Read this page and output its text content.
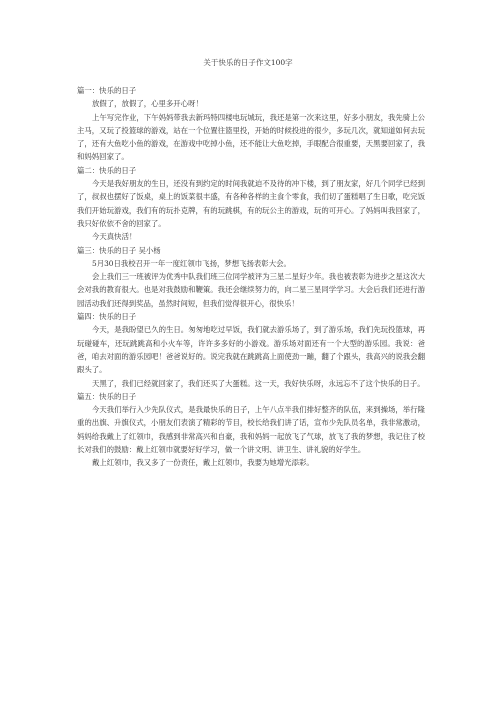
关于快乐的日子作文100字

篇一：快乐的日子

放假了，放假了，心里多开心呀！

上午写完作业，下午妈妈带我去新玛特四楼电玩城玩，我还是第一次来这里，好多小朋友，我先骑上公主马，又玩了投篮球的游戏，站在一个位置往篮里投，开始的时候投进的很少，多玩几次，就知道如何去玩了，还有大鱼吃小鱼的游戏，在游戏中吃掉小鱼，还不能让大鱼吃掉，手眼配合很重要，天黑要回家了，我和妈妈回家了。

篇二：快乐的日子

今天是我好朋友的生日，还没有到约定的时间我就迫不及待的冲下楼，到了朋友家，好几个同学已经到了，叔叔也摆好了饭桌，桌上的饭菜很丰盛，有各种各样的主食个零食，我们切了蛋糕唱了生日歌，吃完饭我们开始玩游戏，我们有的玩扑克牌，有的玩跳棋，有的玩公主的游戏，玩的可开心。了妈妈叫我回家了，我只好依依不舍的回家了。

今天真快活！

篇三：快乐的日子 吴小杨

5月30日我校召开一年一度红领巾飞扬，梦想飞扬表彰大会。

会上我们三一班被评为优秀中队我们班三位同学被评为三星二星好少年。我也被表彰为进步之星这次大会对我的教育很大。也是对我鼓励和鞭策。我还会继续努力的，向二星三星同学学习。大会后我们还进行游园活动我们还得到奖品，虽然时间短，但我们觉得很开心，很快乐！

篇四：快乐的日子

今天，是我盼望已久的生日。匆匆地吃过早饭，我们就去游乐场了，到了游乐场，我们先玩投篮球，再玩碰碰车，还玩跳跳高和小火车等，许许多多好的小游戏。游乐场对面还有一个大型的游乐园。我说：爸爸，咱去对面的游乐园吧！爸爸说好的。说完我就在跳跳高上面使劲一蹦，翻了个跟头，我高兴的说我会翻跟头了。

天黑了，我们已经就回家了，我们还买了大蛋糕。这一天，我好快乐呀，永远忘不了这个快乐的日子。

篇五：快乐的日子

今天我们举行入少先队仪式，是我最快乐的日子，上午八点半我们排好整齐的队伍，来到操场，举行隆重的出旗、升旗仪式，小朋友们表演了精彩的节目，校长给我们讲了话，宣布少先队员名单，我非常激动，妈妈给我戴上了红领巾，我感到非常高兴和自豪，我和妈妈一起放飞了气球，放飞了我的梦想，我记住了校长对我们的鼓励：戴上红领巾就要好好学习，做一个讲文明、讲卫生、讲礼貌的好学生。

戴上红领巾，我又多了一份责任，戴上红领巾，我要为她增光添彩。
